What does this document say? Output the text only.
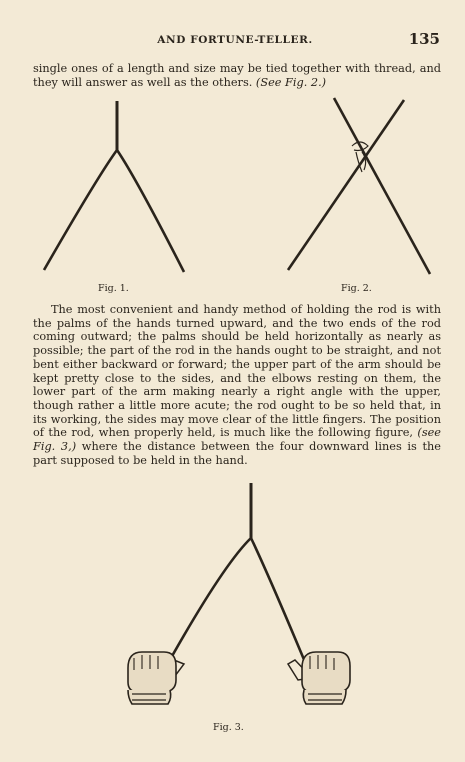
AND FORTUNE-TELLER.	135

single ones of a length and size may be tied together with thread, and they will answer as well as the others. (See Fig. 2.)

Fig. 1.	Fig. 2.

The most convenient and handy method of holding the rod is with the palms of the hands turned upward, and the two ends of the rod coming outward; the palms should be held horizontally as nearly as possible; the part of the rod in the hands ought to be straight, and not bent either backward or forward; the upper part of the arm should be kept pretty close to the sides, and the elbows resting on them, the lower part of the arm making nearly a right angle with the upper, though rather a little more acute; the rod ought to be so held that, in its working, the sides may move clear of the little fingers. The position of the rod, when properly held, is much like the following figure, (see Fig. 3,) where the distance between the four downward lines is the part supposed to be held in the hand.

Fig. 3.
